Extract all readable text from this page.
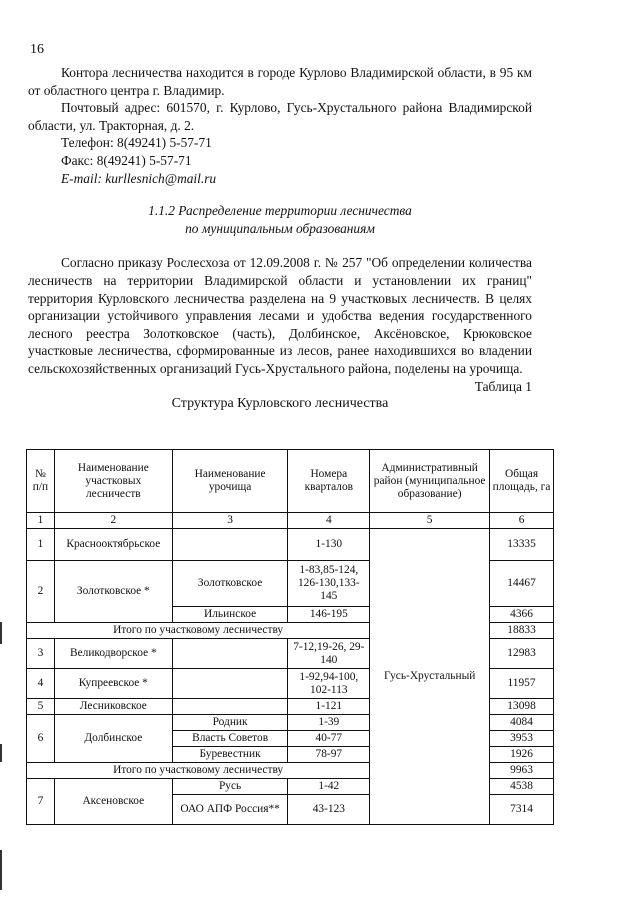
16

Контора лесничества находится в городе Курлово Владимирской области, в 95 км от областного центра г. Владимир.

Почтовый адрес: 601570, г. Курлово, Гусь-Хрустального района Владимирской области, ул. Тракторная, д. 2.

Телефон: 8(49241) 5-57-71

Факс: 8(49241) 5-57-71

E-mail: kurllesnich@mail.ru

1.1.2 Распределение территории лесничества
по муниципальным образованиям

Согласно приказу Рослесхоза от 12.09.2008 г. № 257 "Об определении количества лесничеств на территории Владимирской области и установлении их границ" территория Курловского лесничества разделена на 9 участковых лесничеств. В целях организации устойчивого управления лесами и удобства ведения государственного лесного реестра Золотковское (часть), Долбинское, Аксёновское, Крюковское участковые лесничества, сформированные из лесов, ранее находившихся во владении сельскохозяйственных организаций Гусь-Хрустального района, поделены на урочища.

Таблица 1

Структура Курловского лесничества

№ п/п	Наименование участковых лесничеств	Наименование урочища	Номера кварталов	Административный район (муниципальное образование)	Общая площадь, га
1	2	3	4	5	6
1	Краснооктябрьское		1-130	Гусь-Хрустальный	13335
2	Золотковское *	Золотковское	1-83,85-124, 126-130,133-145		14467
		Ильинское	146-195		4366
Итого по участковому лесничеству					18833
3	Великодворское *		7-12,19-26, 29-140		12983
4	Купреевское *		1-92,94-100, 102-113		11957
5	Лесниковское		1-121		13098
6	Долбинское	Родник	1-39		4084
		Власть Советов	40-77		3953
		Буревестник	78-97		1926
Итого по участковому лесничеству					9963
7	Аксеновское	Русь	1-42		4538
		ОАО АПФ Россия**	43-123		7314
